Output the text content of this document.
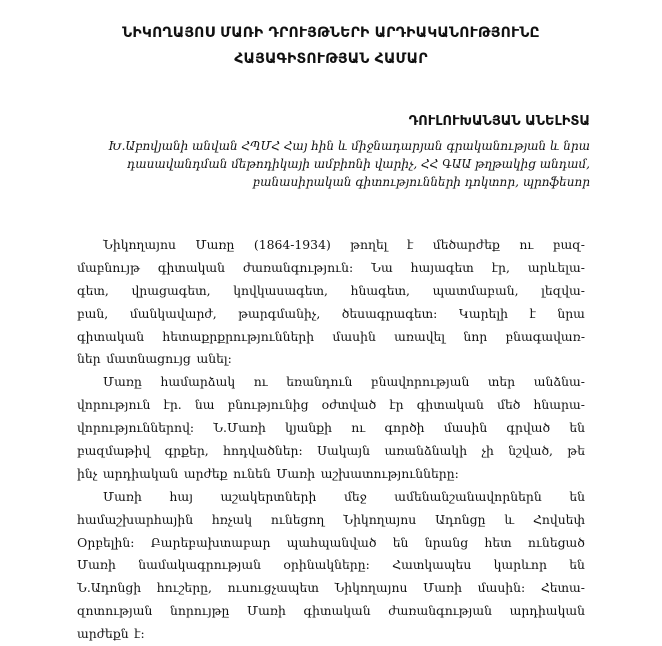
ՆԻԿՈՂԱՅՈՍ ՄԱՌԻ ԴՐՈՒՅԹՆԵՐԻ ԱՐԴԻԱԿԱՆՈՒԹՅՈՒՆԸ
ՀԱՅԱԳԻՏՈՒԹՅԱՆ ՀԱՄԱՐ
ԴՈՒԼՈՒԽԱՆՅԱՆ ԱՆԵԼԻՏԱ
Խ.Աբովյանի անվան ՀՊՄՀ Հայ հին և միջնադարյան գրականության և նրա
դասավանդման մեթոդիկայի ամբիոնի վարիչ, ՀՀ ԳԱԱ թղթակից անդամ,
բանասիրական գիտությունների դոկտոր, պրոֆեսոր
Նիկողայոս Մառը (1864-1934) թողել է մեծարժեք ու բազ-
մաբնույթ գիտական ժառանգություն: Նա հայագետ էր, արևելա-
գետ, վրացագետ, կովկասագետ, հնագետ, պատմաբան, լեզվա-
բան, մանկավարժ, թարգմանիչ, ծեսագրագետ: Կարելի է նրա
գիտական հետաքրքրությունների մասին առավել նոր բնագավառ-
ներ մատնացույց անել:
Մառը համարձակ ու եռանդուն բնավորության տեր անձնա-
վորություն էր. նա բնությունից օժտված էր գիտական մեծ հնարա-
վորություններով: Ն.Մառի կյանքի ու գործի մասին գրված են
բազմաթիվ գրքեր, հոդվածներ: Սակայն առանձնակի չի նշված, թե
ինչ արդիական արժեք ունեն Մառի աշխատությունները:
Մառի հայ աշակերտների մեջ ամենանշանավորներն են
համաշխարհային հռչակ ունեցող Նիկողայոս Ադոնցը և Հովսեփ
Օրբելին: Բարեբախտաբար պահպանված են նրանց հետ ունեցած
Մառի նամակագրության օրինակները: Հատկապես կարևոր են
Ն.Ադոնցի հուշերը, ուսուցչապետ Նիկողայոս Մառի մասին: Հետա-
զոտության նորույթը Մառի գիտական ժառանգության արդիական
արժեքն է:
